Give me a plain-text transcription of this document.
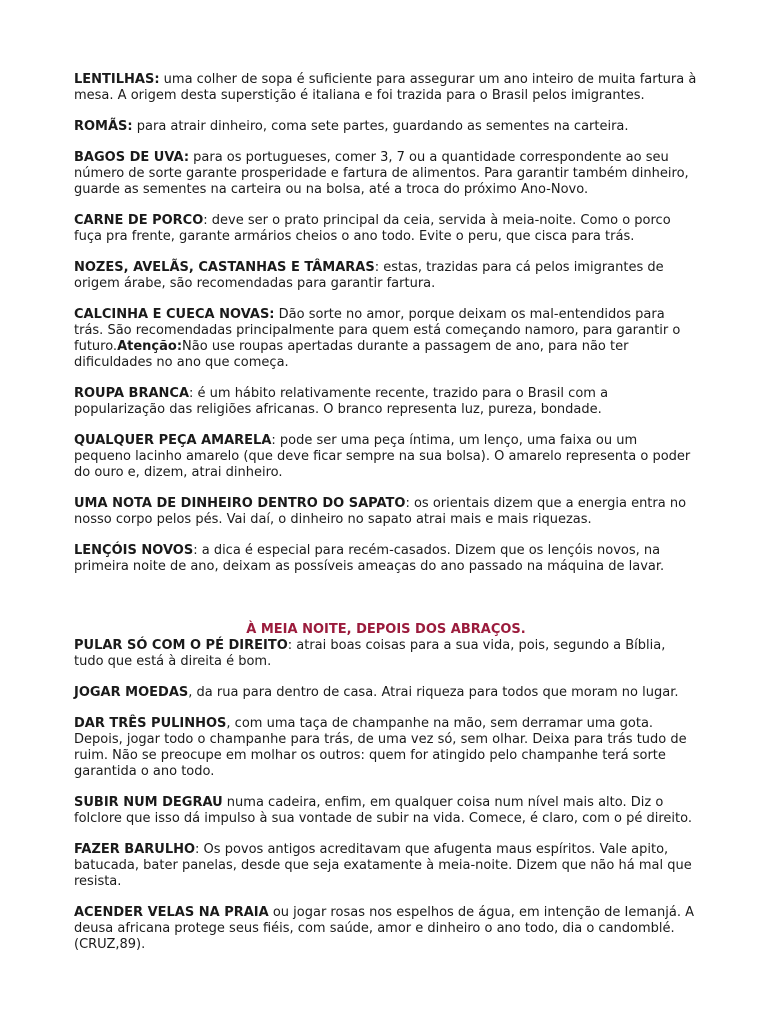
LENTILHAS: uma colher de sopa é suficiente para assegurar um ano inteiro de muita fartura à mesa. A origem desta superstição é italiana e foi trazida para o Brasil pelos imigrantes.

ROMÃS: para atrair dinheiro, coma sete partes, guardando as sementes na carteira.

BAGOS DE UVA: para os portugueses, comer 3, 7 ou a quantidade correspondente ao seu número de sorte garante prosperidade e fartura de alimentos. Para garantir também dinheiro, guarde as sementes na carteira ou na bolsa, até a troca do próximo Ano-Novo.

CARNE DE PORCO: deve ser o prato principal da ceia, servida à meia-noite. Como o porco fuça pra frente, garante armários cheios o ano todo. Evite o peru, que cisca para trás.

NOZES, AVELÃS, CASTANHAS E TÂMARAS: estas, trazidas para cá pelos imigrantes de origem árabe, são recomendadas para garantir fartura.

CALCINHA E CUECA NOVAS: Dão sorte no amor, porque deixam os mal-entendidos para trás. São recomendadas principalmente para quem está começando namoro, para garantir o futuro.Atenção:Não use roupas apertadas durante a passagem de ano, para não ter dificuldades no ano que começa.

ROUPA BRANCA: é um hábito relativamente recente, trazido para o Brasil com a popularização das religiões africanas. O branco representa luz, pureza, bondade.

QUALQUER PEÇA AMARELA: pode ser uma peça íntima, um lenço, uma faixa ou um pequeno lacinho amarelo (que deve ficar sempre na sua bolsa). O amarelo representa o poder do ouro e, dizem, atrai dinheiro.

UMA NOTA DE DINHEIRO DENTRO DO SAPATO: os orientais dizem que a energia entra no nosso corpo pelos pés. Vai daí, o dinheiro no sapato atrai mais e mais riquezas.

LENÇÓIS NOVOS: a dica é especial para recém-casados. Dizem que os lençóis novos, na primeira noite de ano, deixam as possíveis ameaças do ano passado na máquina de lavar.

À MEIA NOITE, DEPOIS DOS ABRAÇOS.

PULAR SÓ COM O PÉ DIREITO: atrai boas coisas para a sua vida, pois, segundo a Bíblia, tudo que está à direita é bom.

JOGAR MOEDAS, da rua para dentro de casa. Atrai riqueza para todos que moram no lugar.

DAR TRÊS PULINHOS, com uma taça de champanhe na mão, sem derramar uma gota. Depois, jogar todo o champanhe para trás, de uma vez só, sem olhar. Deixa para trás tudo de ruim. Não se preocupe em molhar os outros: quem for atingido pelo champanhe terá sorte garantida o ano todo.

SUBIR NUM DEGRAU numa cadeira, enfim, em qualquer coisa num nível mais alto. Diz o folclore que isso dá impulso à sua vontade de subir na vida. Comece, é claro, com o pé direito.

FAZER BARULHO: Os povos antigos acreditavam que afugenta maus espíritos. Vale apito, batucada, bater panelas, desde que seja exatamente à meia-noite. Dizem que não há mal que resista.

ACENDER VELAS NA PRAIA ou jogar rosas nos espelhos de água, em intenção de Iemanjá. A deusa africana protege seus fiéis, com saúde, amor e dinheiro o ano todo, dia o candomblé. (CRUZ,89).
